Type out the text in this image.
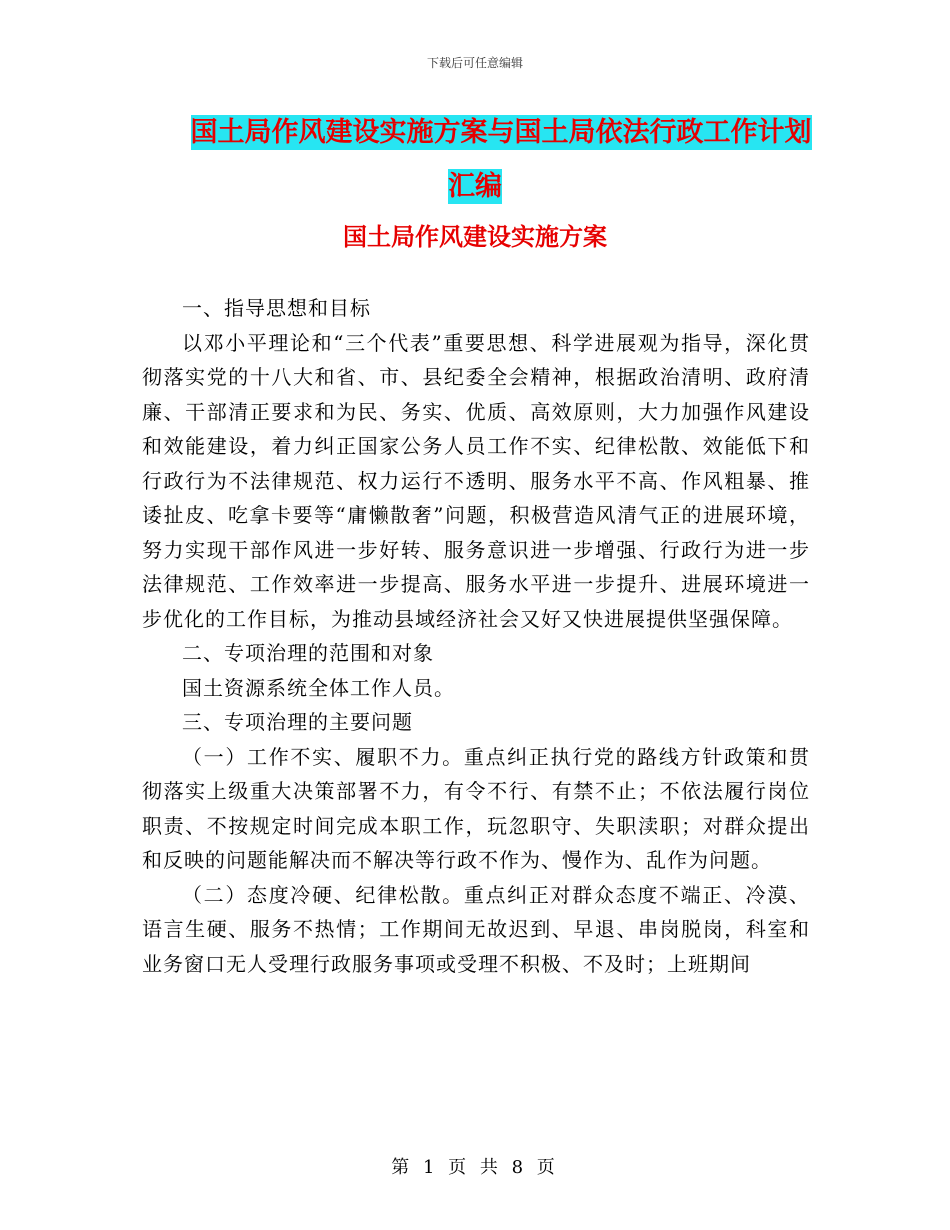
下载后可任意编辑
国土局作风建设实施方案与国土局依法行政工作计划
汇编
国土局作风建设实施方案

一、指导思想和目标

以邓小平理论和“三个代表”重要思想、科学进展观为指导，深化贯彻落实党的十八大和省、市、县纪委全会精神，根据政治清明、政府清廉、干部清正要求和为民、务实、优质、高效原则，大力加强作风建设和效能建设，着力纠正国家公务人员工作不实、纪律松散、效能低下和行政行为不法律规范、权力运行不透明、服务水平不高、作风粗暴、推诿扯皮、吃拿卡要等“庸懒散奢”问题，积极营造风清气正的进展环境，努力实现干部作风进一步好转、服务意识进一步增强、行政行为进一步法律规范、工作效率进一步提高、服务水平进一步提升、进展环境进一步优化的工作目标，为推动县域经济社会又好又快进展提供坚强保障。

二、专项治理的范围和对象

国土资源系统全体工作人员。

三、专项治理的主要问题

（一）工作不实、履职不力。重点纠正执行党的路线方针政策和贯彻落实上级重大决策部署不力，有令不行、有禁不止；不依法履行岗位职责、不按规定时间完成本职工作，玩忽职守、失职渎职；对群众提出和反映的问题能解决而不解决等行政不作为、慢作为、乱作为问题。

（二）态度冷硬、纪律松散。重点纠正对群众态度不端正、冷漠、语言生硬、服务不热情；工作期间无故迟到、早退、串岗脱岗，科室和业务窗口无人受理行政服务事项或受理不积极、不及时；上班期间

第 1 页 共 8 页
